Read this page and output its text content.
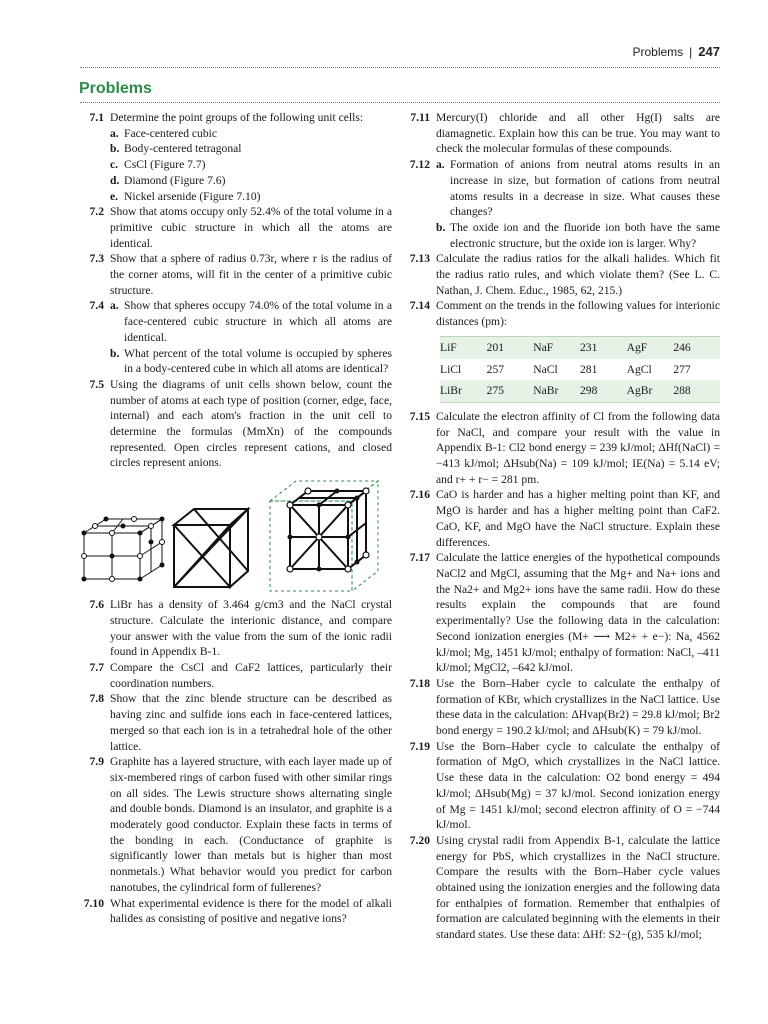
Problems | 247
Problems
7.1 Determine the point groups of the following unit cells:
a. Face-centered cubic
b. Body-centered tetragonal
c. CsCl (Figure 7.7)
d. Diamond (Figure 7.6)
e. Nickel arsenide (Figure 7.10)
7.2 Show that atoms occupy only 52.4% of the total volume in a primitive cubic structure in which all the atoms are identical.
7.3 Show that a sphere of radius 0.73r, where r is the radius of the corner atoms, will fit in the center of a primitive cubic structure.
7.4 a. Show that spheres occupy 74.0% of the total volume in a face-centered cubic structure in which all atoms are identical.
b. What percent of the total volume is occupied by spheres in a body-centered cube in which all atoms are identical?
7.5 Using the diagrams of unit cells shown below, count the number of atoms at each type of position (corner, edge, face, internal) and each atom's fraction in the unit cell to determine the formulas (MmXn) of the compounds represented. Open circles represent cations, and closed circles represent anions.
7.6 LiBr has a density of 3.464 g/cm3 and the NaCl crystal structure. Calculate the interionic distance, and compare your answer with the value from the sum of the ionic radii found in Appendix B-1.
7.7 Compare the CsCl and CaF2 lattices, particularly their coordination numbers.
7.8 Show that the zinc blende structure can be described as having zinc and sulfide ions each in face-centered lattices, merged so that each ion is in a tetrahedral hole of the other lattice.
7.9 Graphite has a layered structure, with each layer made up of six-membered rings of carbon fused with other similar rings on all sides. The Lewis structure shows alternating single and double bonds. Diamond is an insulator, and graphite is a moderately good conductor. Explain these facts in terms of the bonding in each. (Conductance of graphite is significantly lower than metals but is higher than most nonmetals.) What behavior would you predict for carbon nanotubes, the cylindrical form of fullerenes?
7.10 What experimental evidence is there for the model of alkali halides as consisting of positive and negative ions?
7.11 Mercury(I) chloride and all other Hg(I) salts are diamagnetic. Explain how this can be true. You may want to check the molecular formulas of these compounds.
7.12 a. Formation of anions from neutral atoms results in an increase in size, but formation of cations from neutral atoms results in a decrease in size. What causes these changes?
b. The oxide ion and the fluoride ion both have the same electronic structure, but the oxide ion is larger. Why?
7.13 Calculate the radius ratios for the alkali halides. Which fit the radius ratio rules, and which violate them? (See L. C. Nathan, J. Chem. Educ., 1985, 62, 215.)
7.14 Comment on the trends in the following values for interionic distances (pm):
LiF	201	NaF	231	AgF	246
LiCl	257	NaCl	281	AgCl	277
LiBr	275	NaBr	298	AgBr	288
7.15 Calculate the electron affinity of Cl from the following data for NaCl, and compare your result with the value in Appendix B-1: Cl2 bond energy = 239 kJ/mol; ΔHf(NaCl) = −413 kJ/mol; ΔHsub(Na) = 109 kJ/mol; IE(Na) = 5.14 eV; and r+ + r− = 281 pm.
7.16 CaO is harder and has a higher melting point than KF, and MgO is harder and has a higher melting point than CaF2. CaO, KF, and MgO have the NaCl structure. Explain these differences.
7.17 Calculate the lattice energies of the hypothetical compounds NaCl2 and MgCl, assuming that the Mg+ and Na+ ions and the Na2+ and Mg2+ ions have the same radii. How do these results explain the compounds that are found experimentally? Use the following data in the calculation: Second ionization energies (M+ ⟶ M2+ + e−): Na, 4562 kJ/mol; Mg, 1451 kJ/mol; enthalpy of formation: NaCl, –411 kJ/mol; MgCl2, –642 kJ/mol.
7.18 Use the Born–Haber cycle to calculate the enthalpy of formation of KBr, which crystallizes in the NaCl lattice. Use these data in the calculation: ΔHvap(Br2) = 29.8 kJ/mol; Br2 bond energy = 190.2 kJ/mol; and ΔHsub(K) = 79 kJ/mol.
7.19 Use the Born–Haber cycle to calculate the enthalpy of formation of MgO, which crystallizes in the NaCl lattice. Use these data in the calculation: O2 bond energy = 494 kJ/mol; ΔHsub(Mg) = 37 kJ/mol. Second ionization energy of Mg = 1451 kJ/mol; second electron affinity of O = −744 kJ/mol.
7.20 Using crystal radii from Appendix B-1, calculate the lattice energy for PbS, which crystallizes in the NaCl structure. Compare the results with the Born–Haber cycle values obtained using the ionization energies and the following data for enthalpies of formation. Remember that enthalpies of formation are calculated beginning with the elements in their standard states. Use these data: ΔHf: S2−(g), 535 kJ/mol;
